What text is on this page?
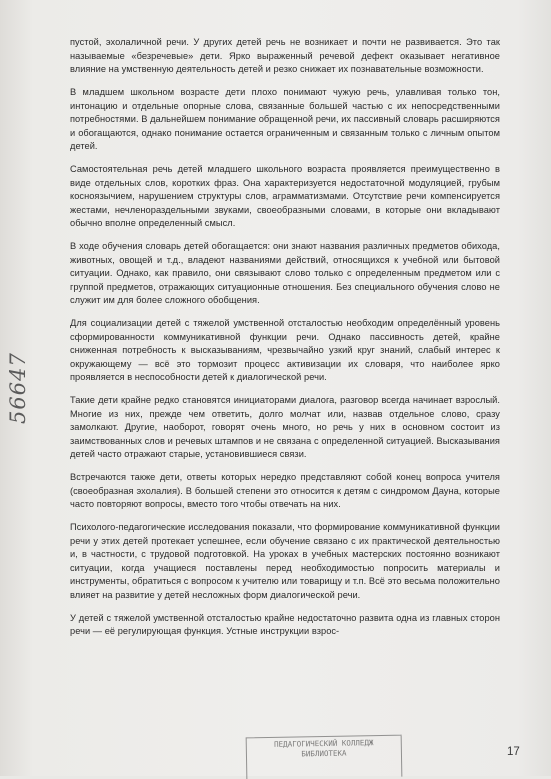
56647

пустой, эхолаличной речи. У других детей речь не возникает и почти не развивается. Это так называемые «безречевые» дети. Ярко выраженный речевой дефект оказывает негативное влияние на умственную деятельность детей и резко снижает их познавательные возможности.

В младшем школьном возрасте дети плохо понимают чужую речь, улавливая только тон, интонацию и отдельные опорные слова, связанные большей частью с их непосредственными потребностями. В дальнейшем понимание обращенной речи, их пассивный словарь расширяются и обогащаются, однако понимание остается ограниченным и связанным только с личным опытом детей.

Самостоятельная речь детей младшего школьного возраста проявляется преимущественно в виде отдельных слов, коротких фраз. Она характеризуется недостаточной модуляцией, грубым косноязычием, нарушением структуры слов, аграмматизмами. Отсутствие речи компенсируется жестами, нечленораздельными звуками, своеобразными словами, в которые они вкладывают обычно вполне определенный смысл.

В ходе обучения словарь детей обогащается: они знают названия различных предметов обихода, животных, овощей и т.д., владеют названиями действий, относящихся к учебной или бытовой ситуации. Однако, как правило, они связывают слово только с определенным предметом или с группой предметов, отражающих ситуационные отношения. Без специального обучения слово не служит им для более сложного обобщения.

Для социализации детей с тяжелой умственной отсталостью необходим определённый уровень сформированности коммуникативной функции речи. Однако пассивность детей, крайне сниженная потребность к высказываниям, чрезвычайно узкий круг знаний, слабый интерес к окружающему — всё это тормозит процесс активизации их словаря, что наиболее ярко проявляется в неспособности детей к диалогической речи.

Такие дети крайне редко становятся инициаторами диалога, разговор всегда начинает взрослый. Многие из них, прежде чем ответить, долго молчат или, назвав отдельное слово, сразу замолкают. Другие, наоборот, говорят очень много, но речь у них в основном состоит из заимствованных слов и речевых штампов и не связана с определенной ситуацией. Высказывания детей часто отражают старые, установившиеся связи.

Встречаются также дети, ответы которых нередко представляют собой конец вопроса учителя (своеобразная эхолалия). В большей степени это относится к детям с синдромом Дауна, которые часто повторяют вопросы, вместо того чтобы отвечать на них.

Психолого-педагогические исследования показали, что формирование коммуникативной функции речи у этих детей протекает успешнее, если обучение связано с их практической деятельностью и, в частности, с трудовой подготовкой. На уроках в учебных мастерских постоянно возникают ситуации, когда учащиеся поставлены перед необходимостью попросить материалы и инструменты, обратиться с вопросом к учителю или товарищу и т.п. Всё это весьма положительно влияет на развитие у детей несложных форм диалогической речи.

У детей с тяжелой умственной отсталостью крайне недостаточно развита одна из главных сторон речи — её регулирующая функция. Устные инструкции взрос-

ПЕДАГОГИЧЕСКИЙ КОЛЛЕДЖ
БИБЛИОТЕКА	17
